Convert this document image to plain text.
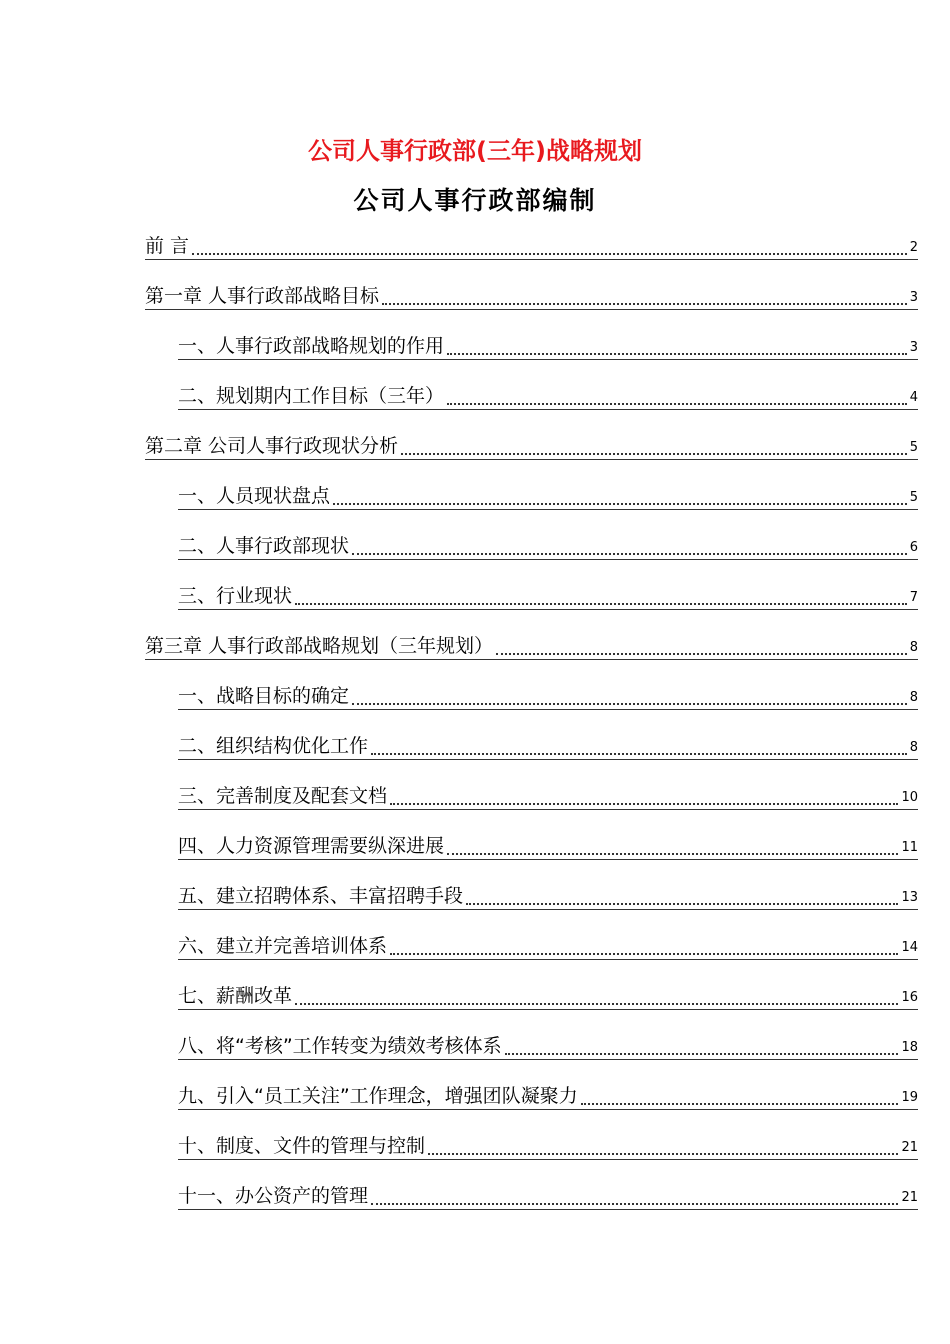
公司人事行政部(三年)战略规划
公司人事行政部编制
前 言	2
第一章 人事行政部战略目标	3
一、人事行政部战略规划的作用	3
二、规划期内工作目标（三年）	4
第二章 公司人事行政现状分析	5
一、人员现状盘点	5
二、人事行政部现状	6
三、行业现状	7
第三章 人事行政部战略规划（三年规划）	8
一、战略目标的确定	8
二、组织结构优化工作	8
三、完善制度及配套文档	10
四、人力资源管理需要纵深进展	11
五、建立招聘体系、丰富招聘手段	13
六、建立并完善培训体系	14
七、薪酬改革	16
八、将“考核”工作转变为绩效考核体系	18
九、引入“员工关注”工作理念，增强团队凝聚力	19
十、制度、文件的管理与控制	21
十一、办公资产的管理	21
